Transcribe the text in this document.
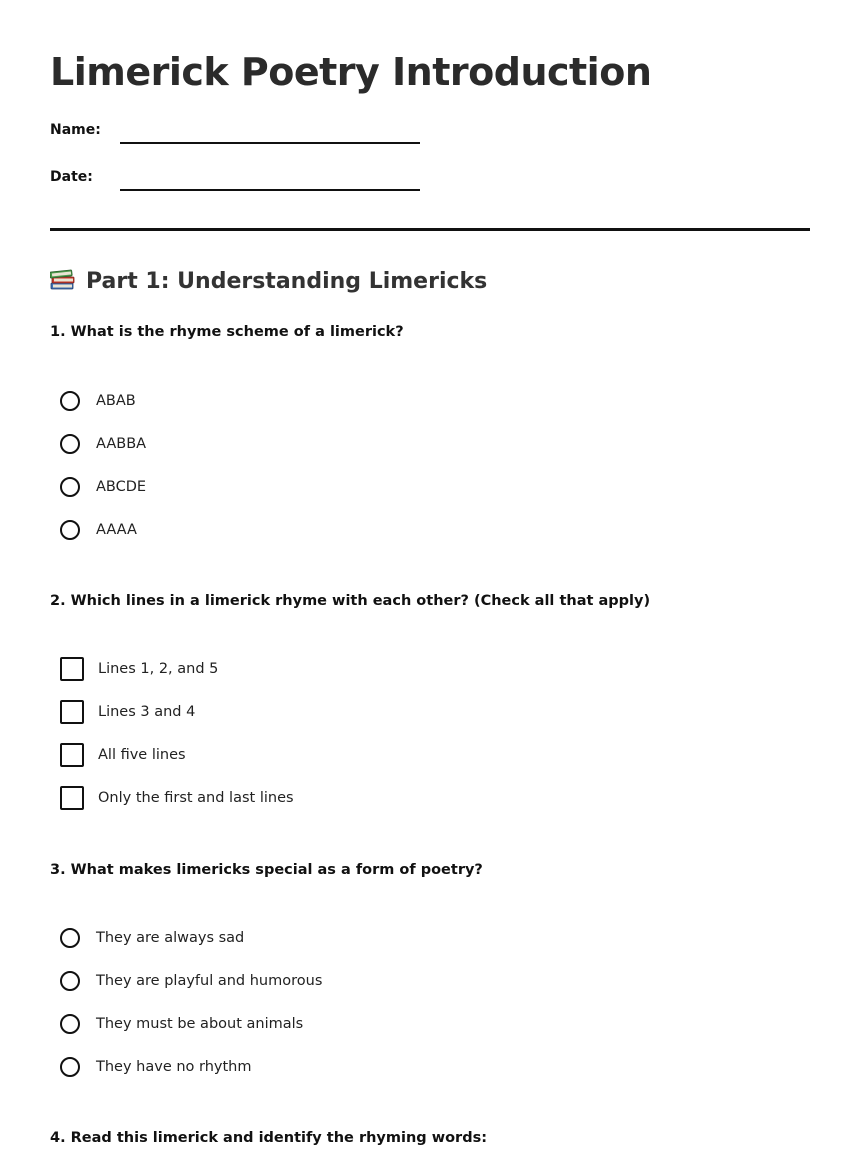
Limerick Poetry Introduction
Name:
Date:
Part 1: Understanding Limericks

1. What is the rhyme scheme of a limerick?

ABAB
AABBA
ABCDE
AAAA

2. Which lines in a limerick rhyme with each other? (Check all that apply)

Lines 1, 2, and 5
Lines 3 and 4
All five lines
Only the first and last lines

3. What makes limericks special as a form of poetry?

They are always sad
They are playful and humorous
They must be about animals
They have no rhythm

4. Read this limerick and identify the rhyming words:
